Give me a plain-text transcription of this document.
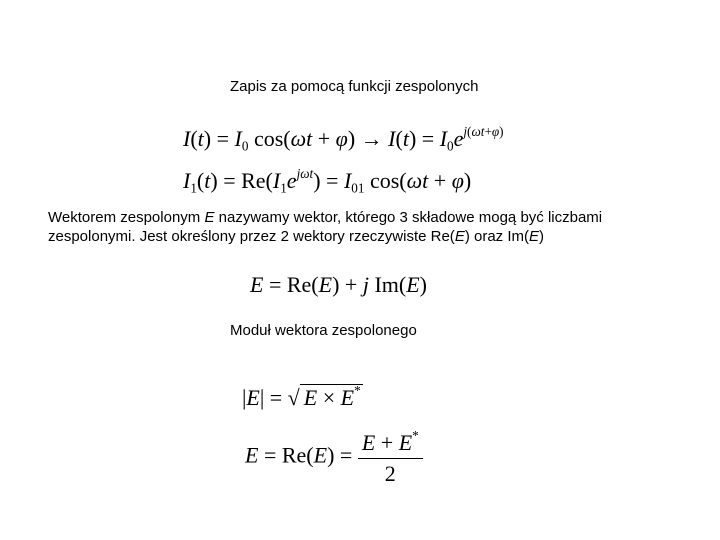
Zapis za pomocą funkcji zespolonych
$I(t) = I_0$ $\cos(\omega t + \varphi) \to I(t) = I_0e^{j(\omega t+\varphi)}$
$I_1(t) = Re(I_1e^{j\omega t}) = I_{01}$ cos(ωt + φ)
Wektorem zespolonym E nazywamy wektor, którego 3 składowe mogą być liczbami zespolonymi. Jest określony przez 2 wektory rzeczywiste Re(E) oraz Im(E)
E = Re(E) + j Im(E)
Moduł wektora zespolonego
|E| = √ E × E*
$E = Re(E) = \frac{E + E^*}{2}$
